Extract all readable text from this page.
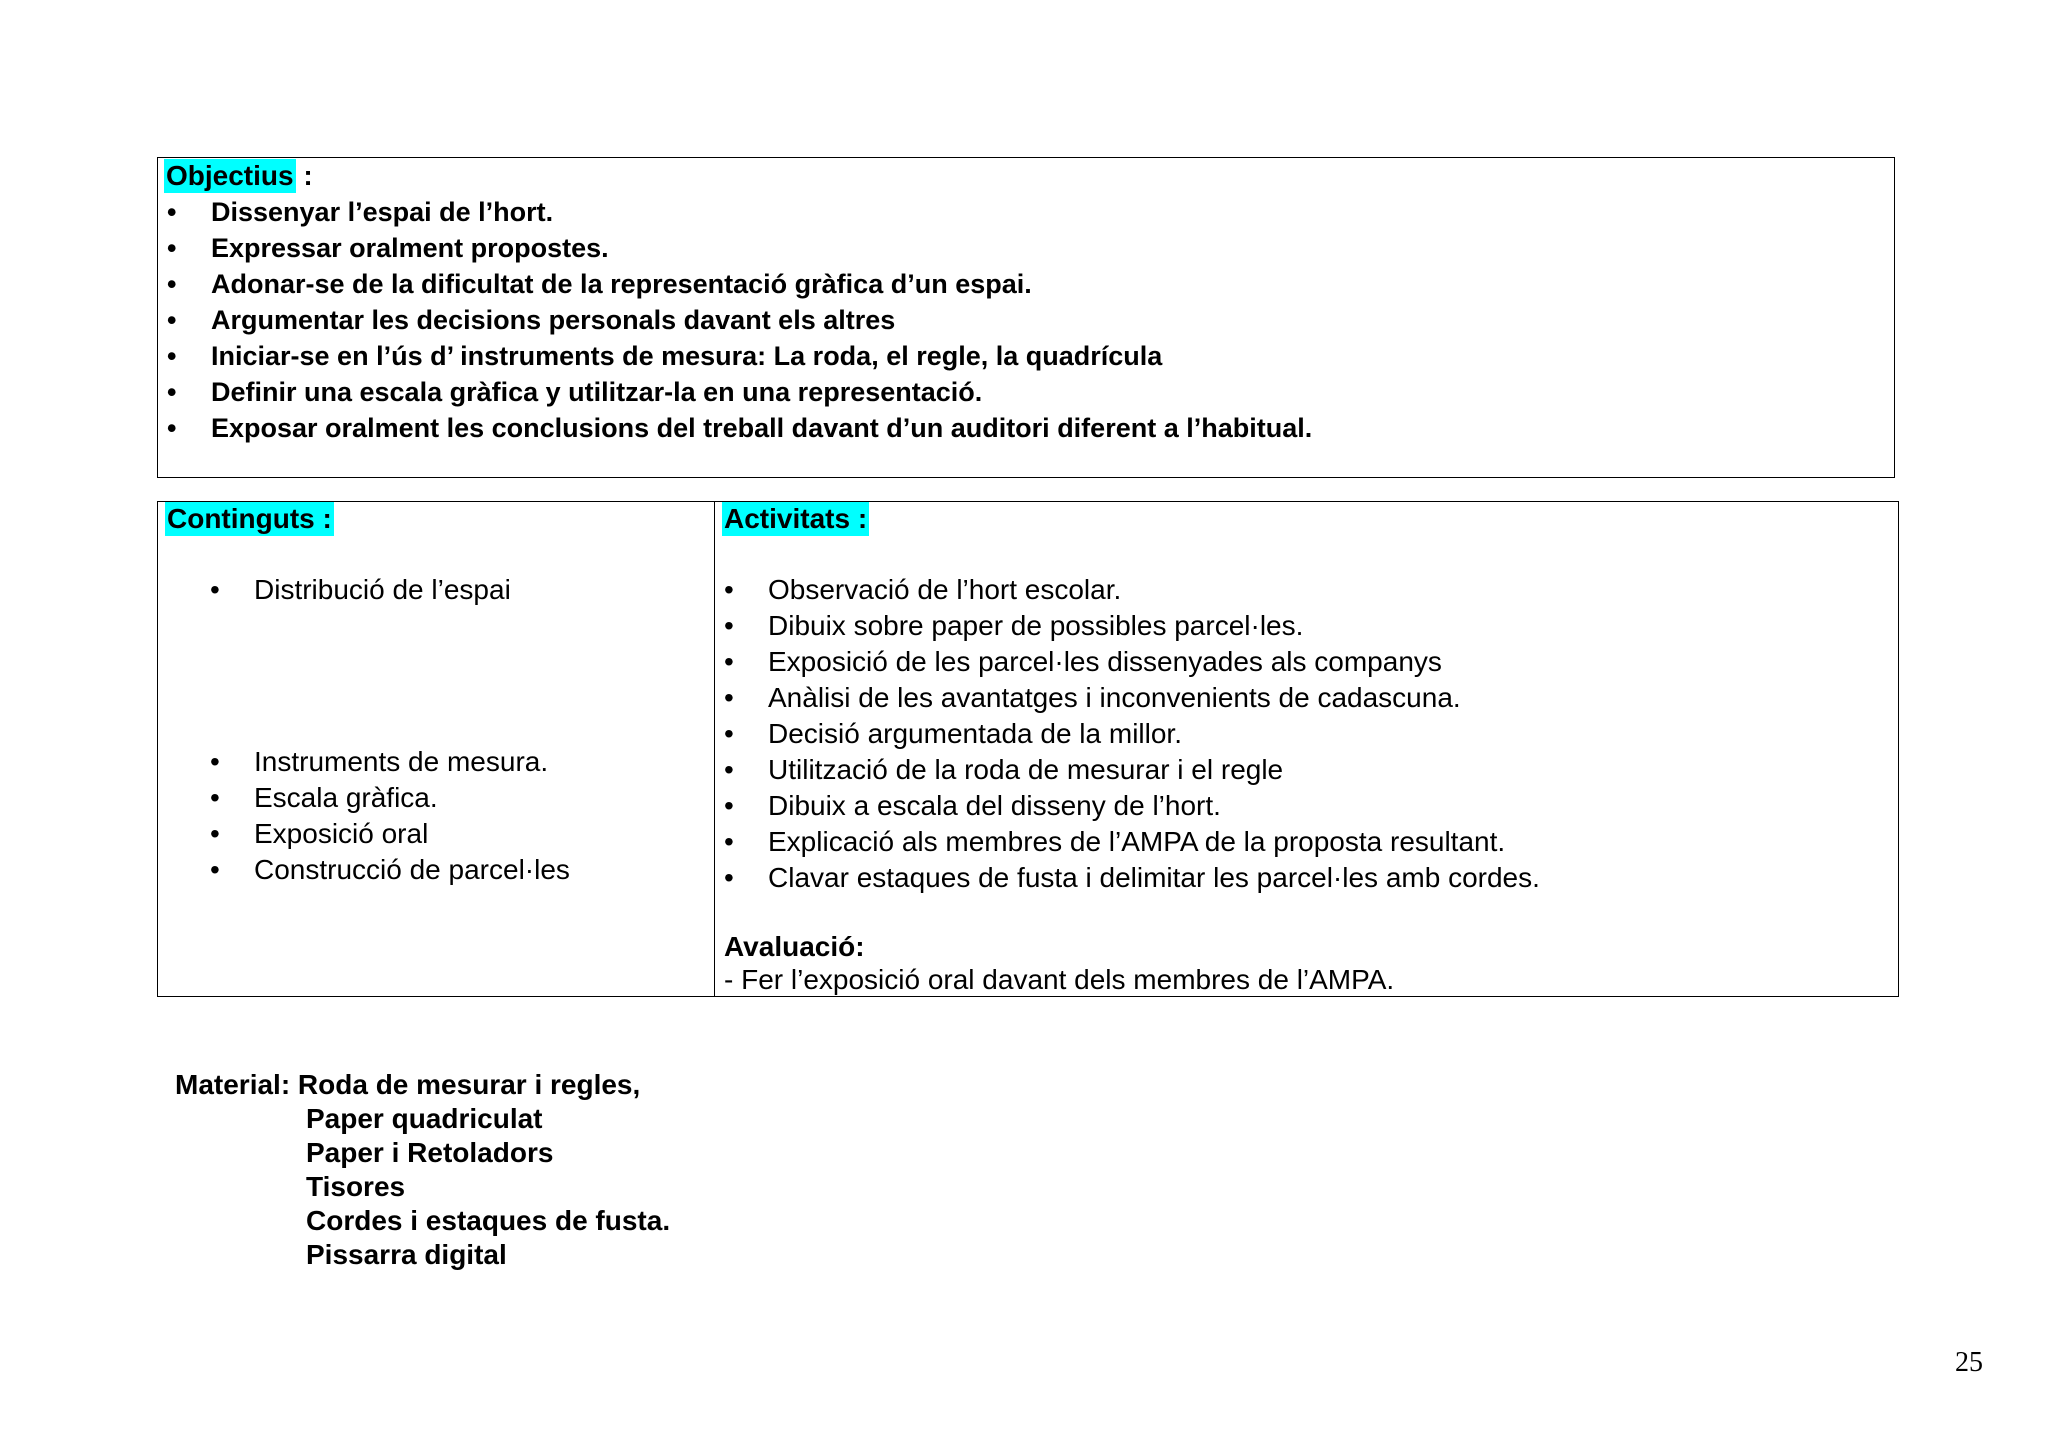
Objectius :
• Dissenyar l’espai de l’hort.
• Expressar oralment propostes.
• Adonar-se de la dificultat de la representació gràfica d’un espai.
• Argumentar les decisions personals davant els altres
• Iniciar-se en l’ús d’ instruments de mesura: La roda, el regle, la quadrícula
• Definir una escala gràfica y utilitzar-la en una representació.
• Exposar oralment les conclusions del treball davant d’un auditori diferent a l’habitual.
Continguts :
• Distribució de l’espai
• Instruments de mesura.
• Escala gràfica.
• Exposició oral
• Construcció de parcel·les
Activitats :
• Observació de l’hort escolar.
• Dibuix sobre paper de possibles parcel·les.
• Exposició de les parcel·les dissenyades als companys
• Anàlisi de les avantatges i inconvenients de cadascuna.
• Decisió argumentada de la millor.
• Utilització de la roda de mesurar i el regle
• Dibuix a escala del disseny de l’hort.
• Explicació als membres de l’AMPA de la proposta resultant.
• Clavar estaques de fusta i delimitar les parcel·les amb cordes.
Avaluació:
- Fer l’exposició oral davant dels membres de l’AMPA.
Material: Roda de mesurar i regles,
Paper quadriculat
Paper i Retoladors
Tisores
Cordes i estaques de fusta.
Pissarra digital
25
